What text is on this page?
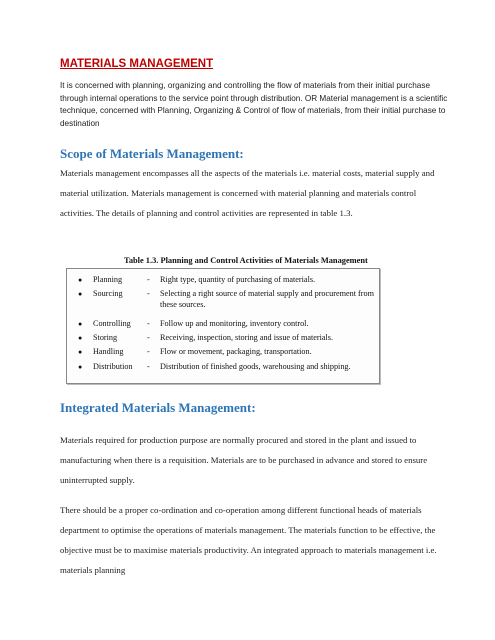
MATERIALS MANAGEMENT

It is concerned with planning, organizing and controlling the flow of materials from their initial purchase through internal operations to the service point through distribution. OR Material management is a scientific technique, concerned with Planning, Organizing & Control of flow of materials, from their initial purchase to destination

Scope of Materials Management:

Materials management encompasses all the aspects of the materials i.e. material costs, material supply and material utilization. Materials management is concerned with material planning and materials control activities. The details of planning and control activities are represented in table 1.3.

Table 1.3. Planning and Control Activities of Materials Management

● Planning	- Right type, quantity of purchasing of materials.
● Sourcing	- Selecting a right source of material supply and procurement from these sources.
● Controlling - Follow up and monitoring, inventory control.
● Storing	- Receiving, inspection, storing and issue of materials.
● Handling	- Flow or movement, packaging, transportation.
● Distribution - Distribution of finished goods, warehousing and shipping.
Integrated Materials Management:

Materials required for production purpose are normally procured and stored in the plant and issued to manufacturing when there is a requisition. Materials are to be purchased in advance and stored to ensure uninterrupted supply.

There should be a proper co-ordination and co-operation among different functional heads of materials department to optimise the operations of materials management. The materials function to be effective, the objective must be to maximise materials productivity. An integrated approach to materials management i.e. materials planning
